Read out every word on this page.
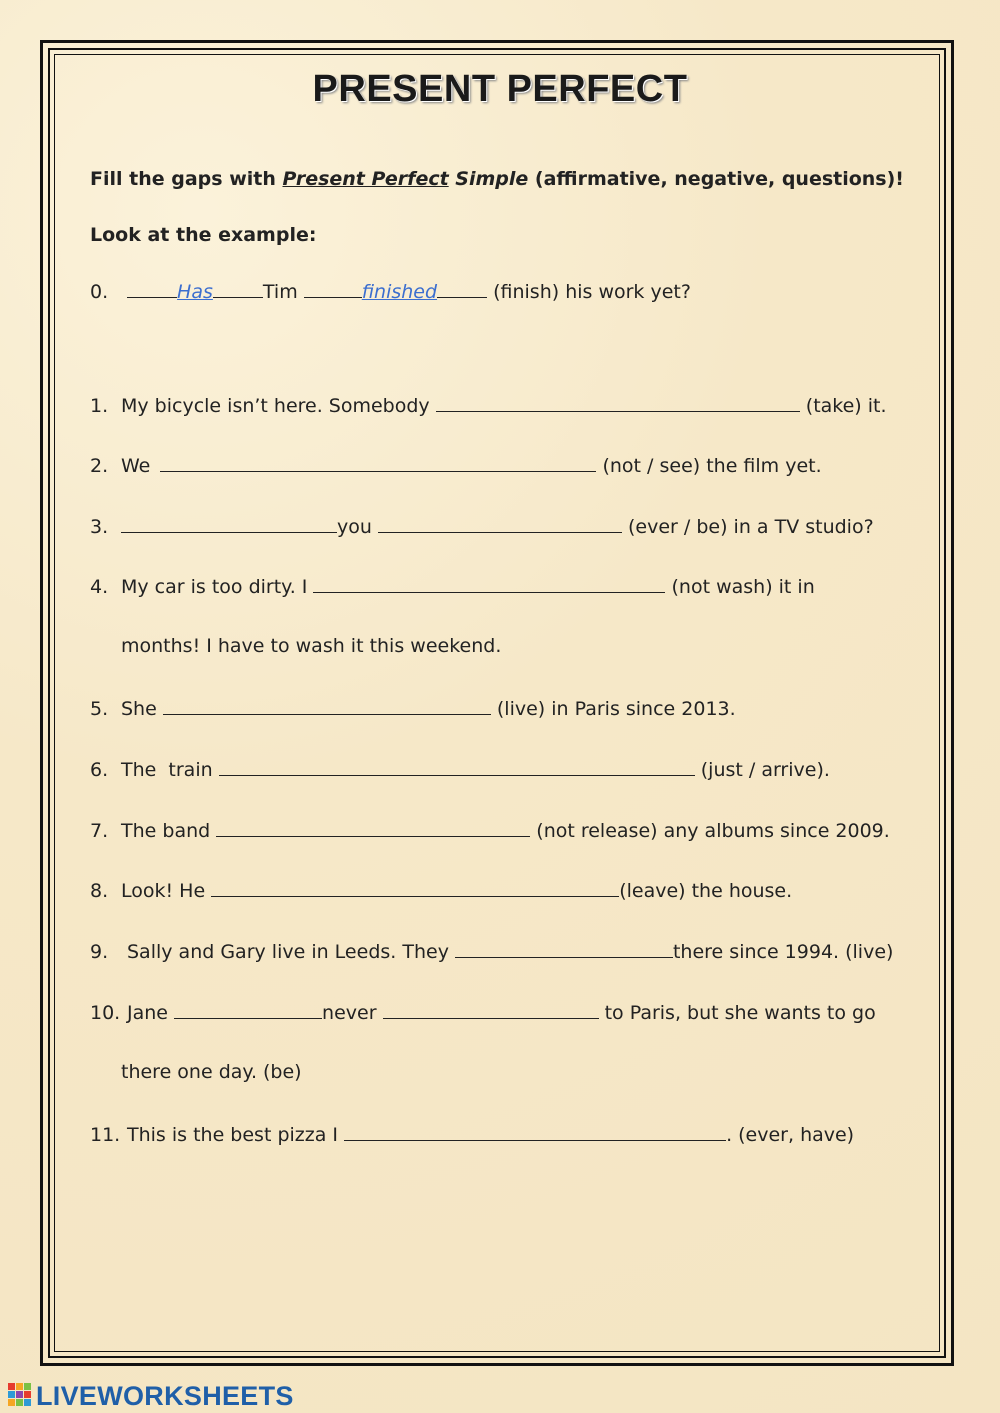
PRESENT PERFECT
Fill the gaps with Present Perfect Simple (affirmative, negative, questions)!
Look at the example:
0.	Has	Tim	finished	(finish) his work yet?
1. My bicycle isn’t here. Somebody	(take) it.
2. We	(not / see) the film yet.
3.	you	(ever / be) in a TV studio?
4. My car is too dirty. I	(not wash) it in
months! I have to wash it this weekend.
5. She	(live) in Paris since 2013.
6. The  train	(just / arrive).
7. The band	(not release) any albums since 2009.
8. Look! He	(leave) the house.
9. Sally and Gary live in Leeds. They	there since 1994. (live)
10. Jane	never	to Paris, but she wants to go
there one day. (be)
11. This is the best pizza I	. (ever, have)
LIVEWORKSHEETS
